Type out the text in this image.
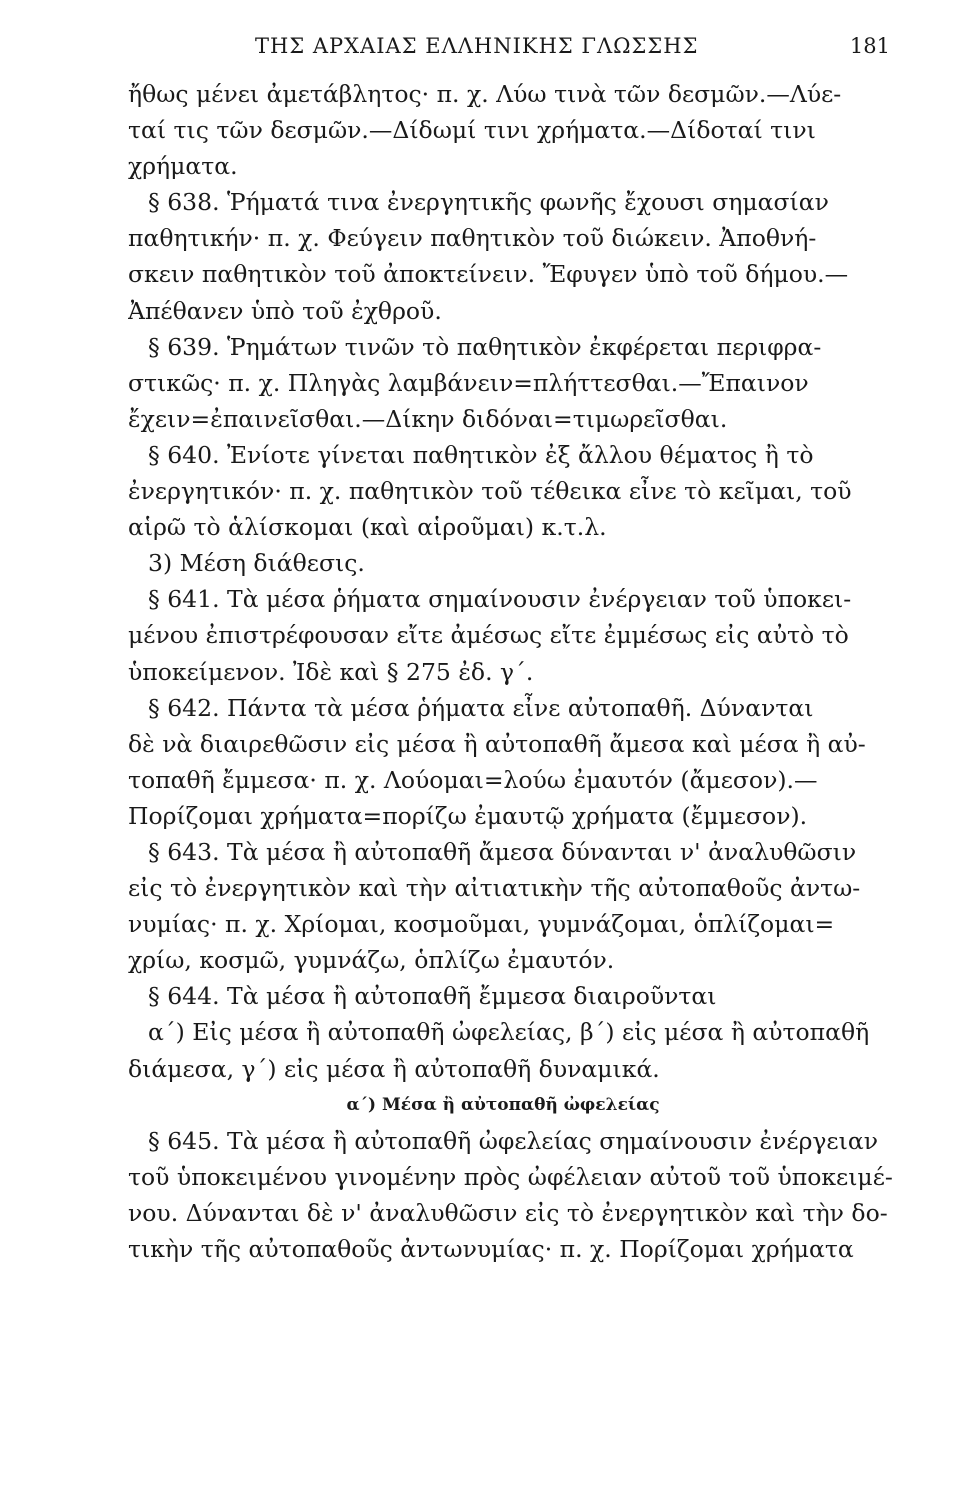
ΤΗΣ ΑΡΧΑΙΑΣ ΕΛΛΗΝΙΚΗΣ ΓΛΩΣΣΗΣ	181
ἤθως μένει ἀμετάβλητος· π. χ. Λύω τινὰ τῶν δεσμῶν.—Λύε-
ταί τις τῶν δεσμῶν.—Δίδωμί τινι χρήματα.—Δίδοταί τινι
χρήματα.
§ 638. Ῥήματά τινα ἐνεργητικῆς φωνῆς ἔχουσι σημασίαν
παθητικήν· π. χ. Φεύγειν παθητικὸν τοῦ διώκειν. Ἀποθνή-
σκειν παθητικὸν τοῦ ἀποκτείνειν. Ἔφυγεν ὑπὸ τοῦ δήμου.—
Ἀπέθανεν ὑπὸ τοῦ ἐχθροῦ.
§ 639. Ῥημάτων τινῶν τὸ παθητικὸν ἐκφέρεται περιφρα-
στικῶς· π. χ. Πληγὰς λαμβάνειν=πλήττεσθαι.—Ἔπαινον
ἔχειν=ἐπαινεῖσθαι.—Δίκην διδόναι=τιμωρεῖσθαι.
§ 640. Ἐνίοτε γίνεται παθητικὸν ἐξ ἄλλου θέματος ἢ τὸ
ἐνεργητικόν· π. χ. παθητικὸν τοῦ τέθεικα εἶνε τὸ κεῖμαι, τοῦ
αἱρῶ τὸ ἁλίσκομαι (καὶ αἱροῦμαι) κ.τ.λ.
3) Μέση διάθεσις.
§ 641. Τὰ μέσα ῥήματα σημαίνουσιν ἐνέργειαν τοῦ ὑποκει-
μένου ἐπιστρέφουσαν εἴτε ἀμέσως εἴτε ἐμμέσως εἰς αὐτὸ τὸ
ὑποκείμενον. Ἰδὲ καὶ § 275 ἐδ. γ΄.
§ 642. Πάντα τὰ μέσα ῥήματα εἶνε αὐτοπαθῆ. Δύνανται
δὲ νὰ διαιρεθῶσιν εἰς μέσα ἢ αὐτοπαθῆ ἄμεσα καὶ μέσα ἢ αὐ-
τοπαθῆ ἔμμεσα· π. χ. Λούομαι=λούω ἐμαυτόν (ἄμεσον).—
Πορίζομαι χρήματα=πορίζω ἐμαυτῷ χρήματα (ἔμμεσον).
§ 643. Τὰ μέσα ἢ αὐτοπαθῆ ἄμεσα δύνανται ν' ἀναλυθῶσιν
εἰς τὸ ἐνεργητικὸν καὶ τὴν αἰτιατικὴν τῆς αὐτοπαθοῦς ἀντω-
νυμίας· π. χ. Χρίομαι, κοσμοῦμαι, γυμνάζομαι, ὁπλίζομαι=
χρίω, κοσμῶ, γυμνάζω, ὁπλίζω ἐμαυτόν.
§ 644. Τὰ μέσα ἢ αὐτοπαθῆ ἔμμεσα διαιροῦνται
α΄) Εἰς μέσα ἢ αὐτοπαθῆ ὠφελείας, β΄) εἰς μέσα ἢ αὐτοπαθῆ
διάμεσα, γ΄) εἰς μέσα ἢ αὐτοπαθῆ δυναμικά.
α΄) Μέσα ἢ αὐτοπαθῆ ὠφελείας
§ 645. Τὰ μέσα ἢ αὐτοπαθῆ ὠφελείας σημαίνουσιν ἐνέργειαν
τοῦ ὑποκειμένου γινομένην πρὸς ὠφέλειαν αὐτοῦ τοῦ ὑποκειμέ-
νου. Δύνανται δὲ ν' ἀναλυθῶσιν εἰς τὸ ἐνεργητικὸν καὶ τὴν δο-
τικὴν τῆς αὐτοπαθοῦς ἀντωνυμίας· π. χ. Πορίζομαι χρήματα
